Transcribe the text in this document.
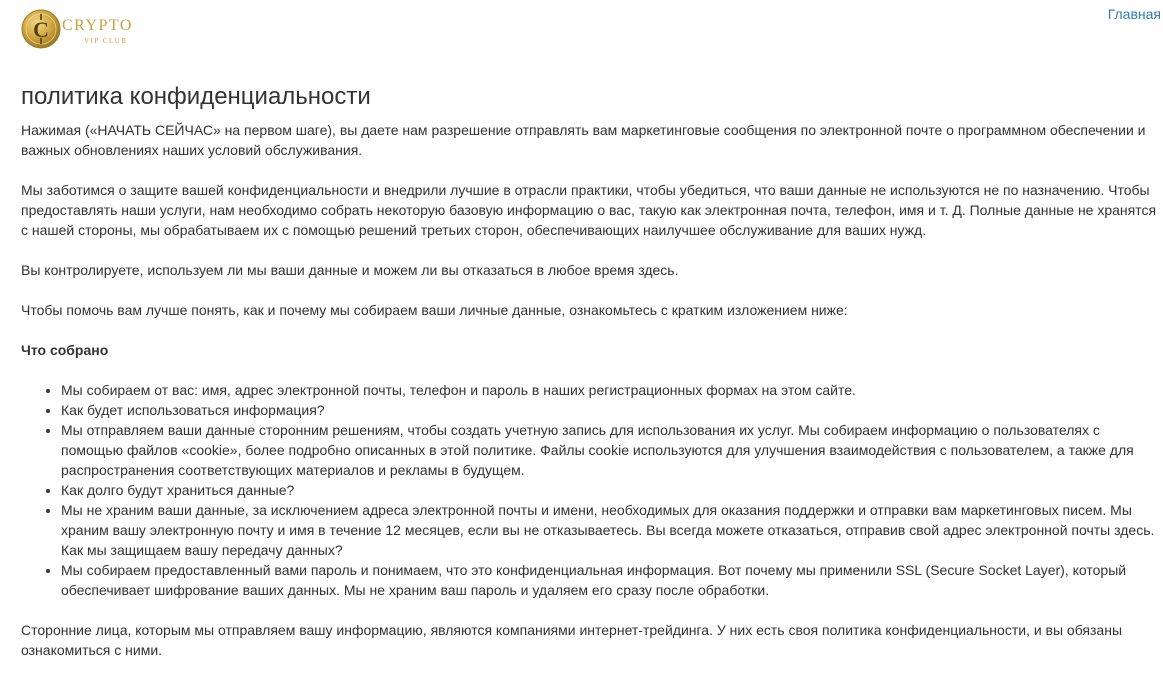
C CRYPTO
VIP CLUB
Главная
политика конфиденциальности

Нажимая («НАЧАТЬ СЕЙЧАС» на первом шаге), вы даете нам разрешение отправлять вам маркетинговые сообщения по электронной почте о программном обеспечении и важных обновлениях наших условий обслуживания.

Мы заботимся о защите вашей конфиденциальности и внедрили лучшие в отрасли практики, чтобы убедиться, что ваши данные не используются не по назначению. Чтобы предоставлять наши услуги, нам необходимо собрать некоторую базовую информацию о вас, такую как электронная почта, телефон, имя и т. Д. Полные данные не хранятся с нашей стороны, мы обрабатываем их с помощью решений третьих сторон, обеспечивающих наилучшее обслуживание для ваших нужд.

Вы контролируете, используем ли мы ваши данные и можем ли вы отказаться в любое время здесь.

Чтобы помочь вам лучше понять, как и почему мы собираем ваши личные данные, ознакомьтесь с кратким изложением ниже:

Что собрано
• Мы собираем от вас: имя, адрес электронной почты, телефон и пароль в наших регистрационных формах на этом сайте.
• Как будет использоваться информация?
• Мы отправляем ваши данные сторонним решениям, чтобы создать учетную запись для использования их услуг. Мы собираем информацию о пользователях с помощью файлов «cookie», более подробно описанных в этой политике. Файлы cookie используются для улучшения взаимодействия с пользователем, а также для распространения соответствующих материалов и рекламы в будущем.
• Как долго будут храниться данные?
• Мы не храним ваши данные, за исключением адреса электронной почты и имени, необходимых для оказания поддержки и отправки вам маркетинговых писем. Мы храним вашу электронную почту и имя в течение 12 месяцев, если вы не отказываетесь. Вы всегда можете отказаться, отправив свой адрес электронной почты здесь. Как мы защищаем вашу передачу данных?
• Мы собираем предоставленный вами пароль и понимаем, что это конфиденциальная информация. Вот почему мы применили SSL (Secure Socket Layer), который обеспечивает шифрование ваших данных. Мы не храним ваш пароль и удаляем его сразу после обработки.

Сторонние лица, которым мы отправляем вашу информацию, являются компаниями интернет-трейдинга. У них есть своя политика конфиденциальности, и вы обязаны ознакомиться с ними.
